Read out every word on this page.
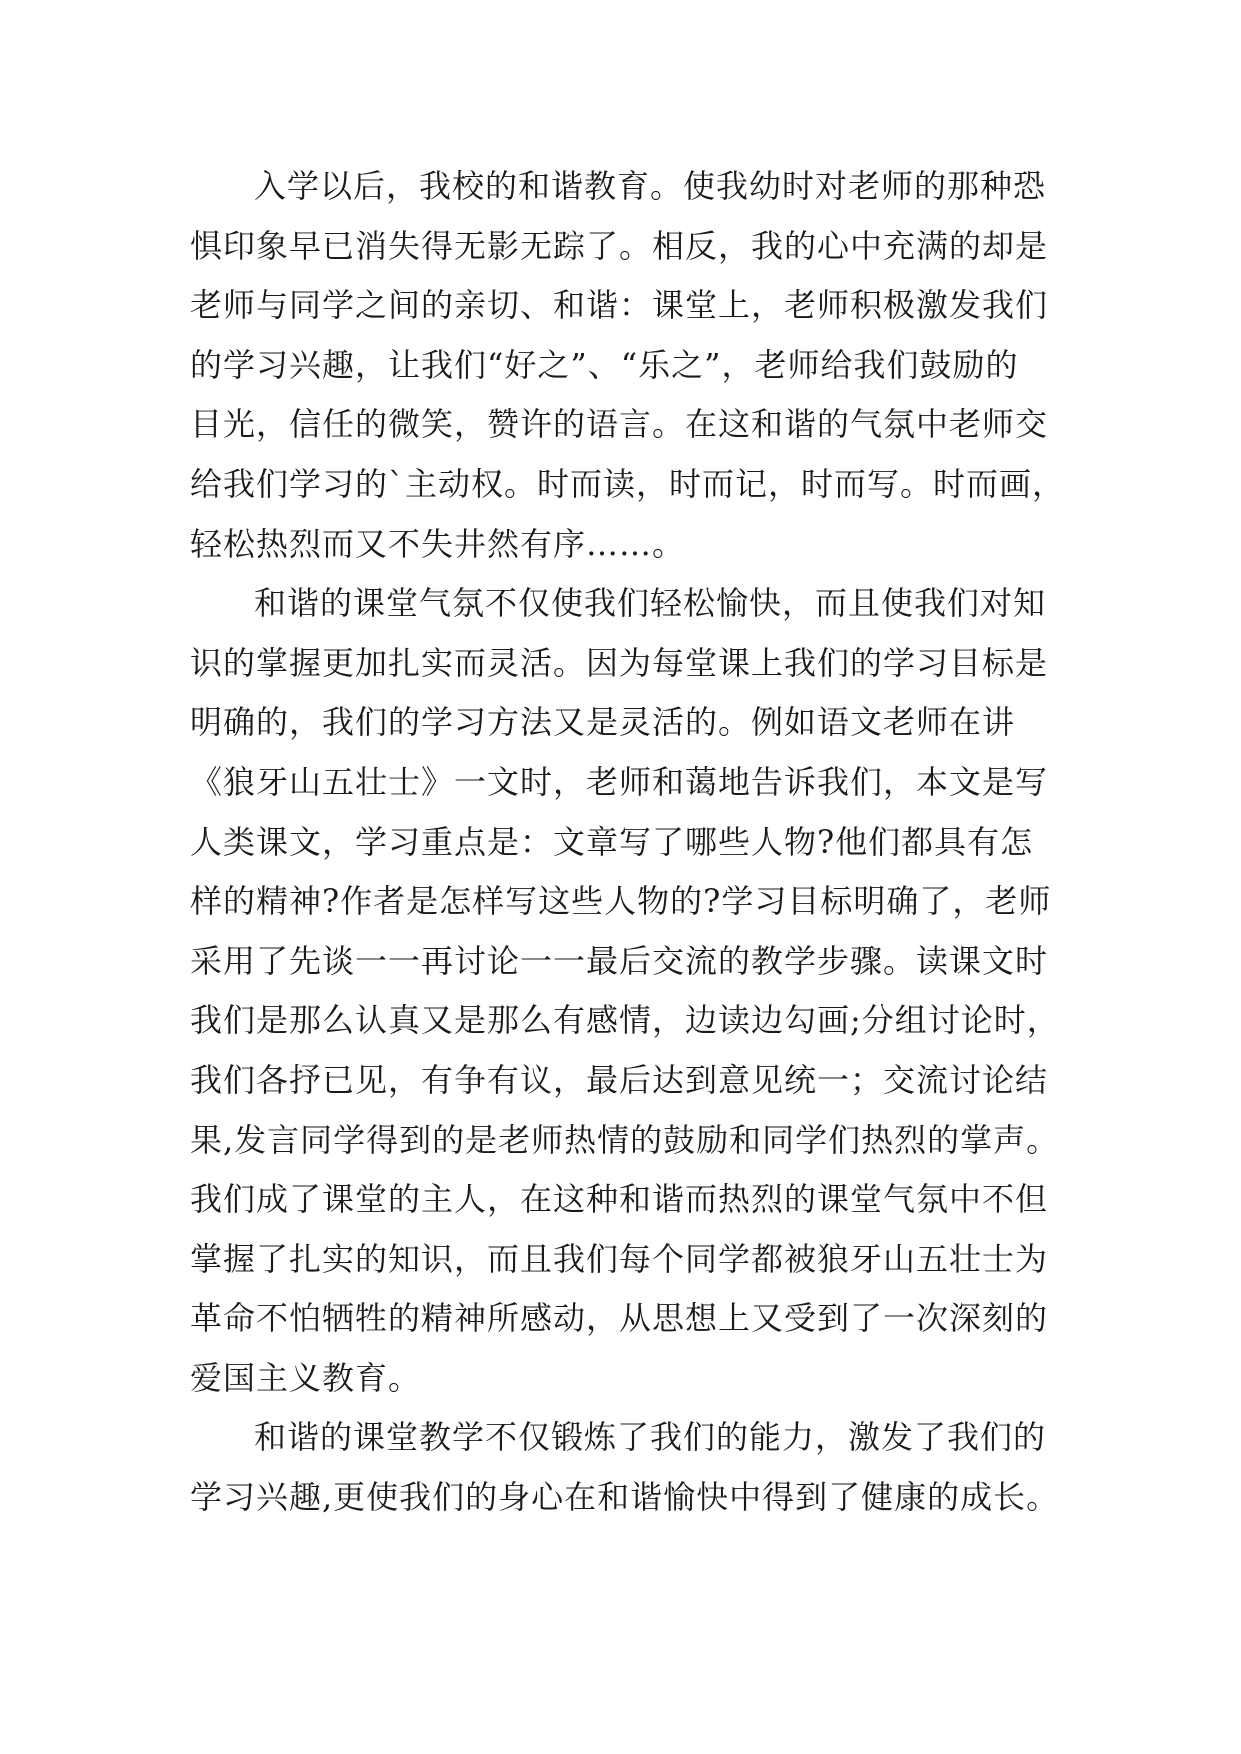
入学以后，我校的和谐教育。使我幼时对老师的那种恐
惧印象早已消失得无影无踪了。相反，我的心中充满的却是
老师与同学之间的亲切、和谐：课堂上，老师积极激发我们
的学习兴趣，让我们“好之”、“乐之”，老师给我们鼓励的
目光，信任的微笑，赞许的语言。在这和谐的气氛中老师交
给我们学习的`主动权。时而读，时而记，时而写。时而画，
轻松热烈而又不失井然有序……。
和谐的课堂气氛不仅使我们轻松愉快，而且使我们对知
识的掌握更加扎实而灵活。因为每堂课上我们的学习目标是
明确的，我们的学习方法又是灵活的。例如语文老师在讲
《狼牙山五壮士》一文时，老师和蔼地告诉我们，本文是写
人类课文，学习重点是：文章写了哪些人物?他们都具有怎
样的精神?作者是怎样写这些人物的?学习目标明确了，老师
采用了先谈一一再讨论一一最后交流的教学步骤。读课文时
我们是那么认真又是那么有感情，边读边勾画;分组讨论时，
我们各抒已见，有争有议，最后达到意见统一；交流讨论结
果,发言同学得到的是老师热情的鼓励和同学们热烈的掌声。
我们成了课堂的主人，在这种和谐而热烈的课堂气氛中不但
掌握了扎实的知识，而且我们每个同学都被狼牙山五壮士为
革命不怕牺牲的精神所感动，从思想上又受到了一次深刻的
爱国主义教育。
和谐的课堂教学不仅锻炼了我们的能力，激发了我们的
学习兴趣,更使我们的身心在和谐愉快中得到了健康的成长。
